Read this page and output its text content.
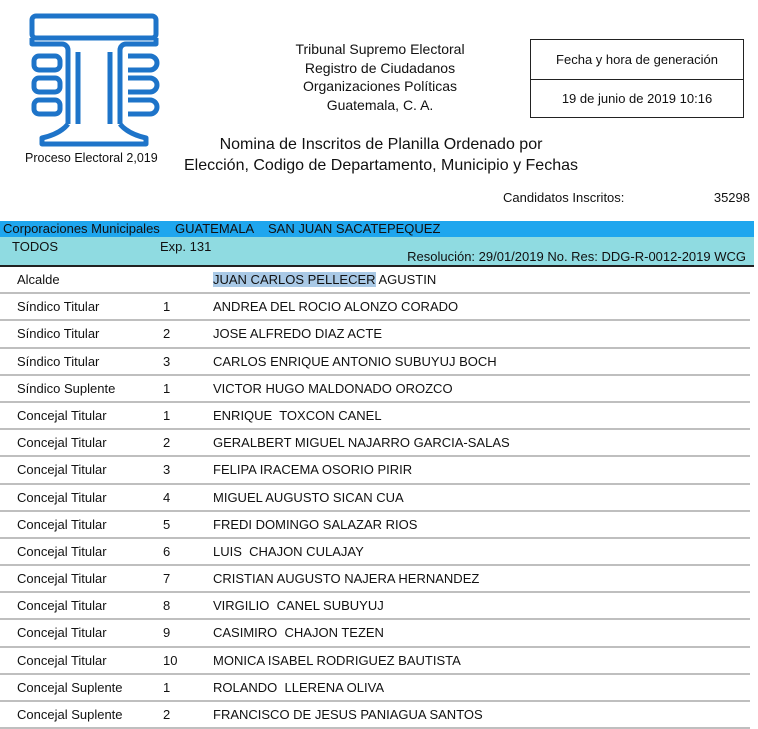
Proceso Electoral 2,019
Tribunal Supremo Electoral
Registro de Ciudadanos
Organizaciones Políticas
Guatemala, C. A.
Nomina de Inscritos de Planilla Ordenado por
Elección, Codigo de Departamento, Municipio y Fechas
Fecha y hora de generación
19 de junio de 2019 10:16
Candidatos Inscritos:	35298
Corporaciones Municipales GUATEMALA SAN JUAN SACATEPEQUEZ
TODOS	Exp. 131
Resolución: 29/01/2019 No. Res: DDG-R-0012-2019 WCG
Alcalde	JUAN CARLOS PELLECER AGUSTIN
Síndico Titular	1	ANDREA DEL ROCIO ALONZO CORADO
Síndico Titular	2	JOSE ALFREDO DIAZ ACTE
Síndico Titular	3	CARLOS ENRIQUE ANTONIO SUBUYUJ BOCH
Síndico Suplente	1	VICTOR HUGO MALDONADO OROZCO
Concejal Titular	1	ENRIQUE  TOXCON CANEL
Concejal Titular	2	GERALBERT MIGUEL NAJARRO GARCIA-SALAS
Concejal Titular	3	FELIPA IRACEMA OSORIO PIRIR
Concejal Titular	4	MIGUEL AUGUSTO SICAN CUA
Concejal Titular	5	FREDI DOMINGO SALAZAR RIOS
Concejal Titular	6	LUIS  CHAJON CULAJAY
Concejal Titular	7	CRISTIAN AUGUSTO NAJERA HERNANDEZ
Concejal Titular	8	VIRGILIO  CANEL SUBUYUJ
Concejal Titular	9	CASIMIRO  CHAJON TEZEN
Concejal Titular	10	MONICA ISABEL RODRIGUEZ BAUTISTA
Concejal Suplente	1	ROLANDO  LLERENA OLIVA
Concejal Suplente	2	FRANCISCO DE JESUS PANIAGUA SANTOS
